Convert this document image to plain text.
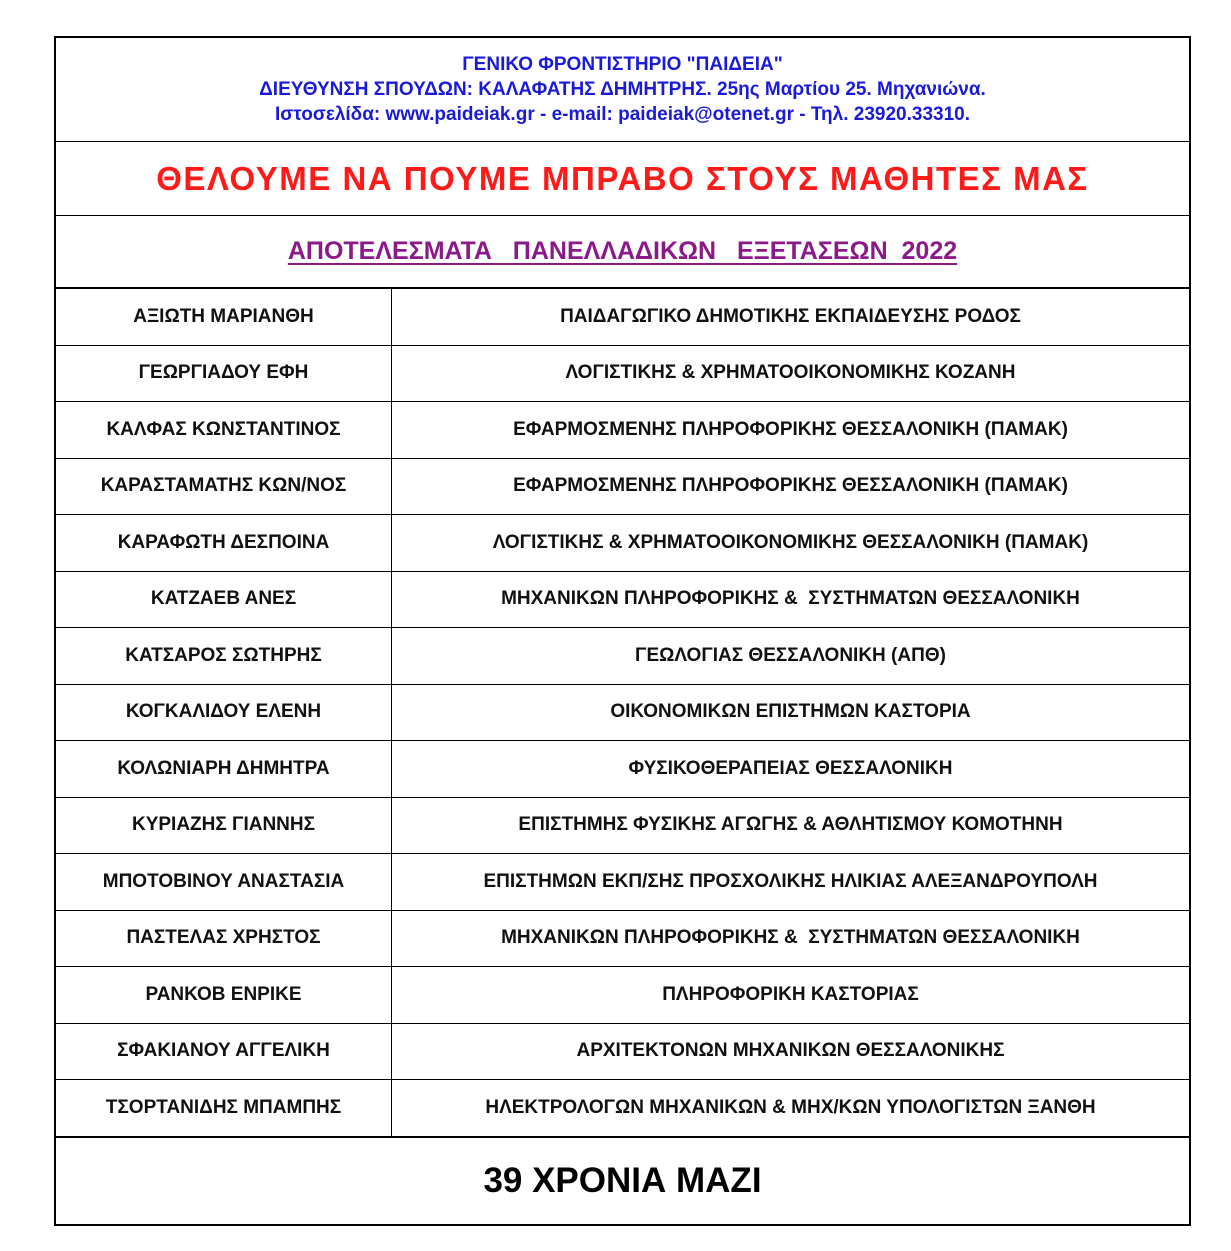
ΓΕΝΙΚΟ ΦΡΟΝΤΙΣΤΗΡΙΟ "ΠΑΙΔΕΙΑ"
ΔΙΕΥΘΥΝΣΗ ΣΠΟΥΔΩΝ: ΚΑΛΑΦΑΤΗΣ ΔΗΜΗΤΡΗΣ. 25ης Μαρτίου 25. Μηχανιώνα.
Ιστοσελίδα: www.paideiak.gr - e-mail: paideiak@otenet.gr - Τηλ. 23920.33310.
ΘΕΛΟΥΜΕ ΝΑ ΠΟΥΜΕ ΜΠΡΑΒΟ ΣΤΟΥΣ ΜΑΘΗΤΕΣ ΜΑΣ
ΑΠΟΤΕΛΕΣΜΑΤΑ   ΠΑΝΕΛΛΑΔΙΚΩΝ   ΕΞΕΤΑΣΕΩΝ  2022
ΑΞΙΩΤΗ ΜΑΡΙΑΝΘΗ	ΠΑΙΔΑΓΩΓΙΚΟ ΔΗΜΟΤΙΚΗΣ ΕΚΠΑΙΔΕΥΣΗΣ ΡΟΔΟΣ
ΓΕΩΡΓΙΑΔΟΥ ΕΦΗ	ΛΟΓΙΣΤΙΚΗΣ & ΧΡΗΜΑΤΟΟΙΚΟΝΟΜΙΚΗΣ ΚΟΖΑΝΗ
ΚΑΛΦΑΣ ΚΩΝΣΤΑΝΤΙΝΟΣ	ΕΦΑΡΜΟΣΜΕΝΗΣ ΠΛΗΡΟΦΟΡΙΚΗΣ ΘΕΣΣΑΛΟΝΙΚΗ (ΠΑΜΑΚ)
ΚΑΡΑΣΤΑΜΑΤΗΣ ΚΩΝ/ΝΟΣ	ΕΦΑΡΜΟΣΜΕΝΗΣ ΠΛΗΡΟΦΟΡΙΚΗΣ ΘΕΣΣΑΛΟΝΙΚΗ (ΠΑΜΑΚ)
ΚΑΡΑΦΩΤΗ ΔΕΣΠΟΙΝΑ	ΛΟΓΙΣΤΙΚΗΣ & ΧΡΗΜΑΤΟΟΙΚΟΝΟΜΙΚΗΣ ΘΕΣΣΑΛΟΝΙΚΗ (ΠΑΜΑΚ)
ΚΑΤΖΑΕΒ ΑΝΕΣ	ΜΗΧΑΝΙΚΩΝ ΠΛΗΡΟΦΟΡΙΚΗΣ &  ΣΥΣΤΗΜΑΤΩΝ ΘΕΣΣΑΛΟΝΙΚΗ
ΚΑΤΣΑΡΟΣ ΣΩΤΗΡΗΣ	ΓΕΩΛΟΓΙΑΣ ΘΕΣΣΑΛΟΝΙΚΗ (ΑΠΘ)
ΚΟΓΚΑΛΙΔΟΥ ΕΛΕΝΗ	ΟΙΚΟΝΟΜΙΚΩΝ ΕΠΙΣΤΗΜΩΝ ΚΑΣΤΟΡΙΑ
ΚΟΛΩΝΙΑΡΗ ΔΗΜΗΤΡΑ	ΦΥΣΙΚΟΘΕΡΑΠΕΙΑΣ ΘΕΣΣΑΛΟΝΙΚΗ
ΚΥΡΙΑΖΗΣ ΓΙΑΝΝΗΣ	ΕΠΙΣΤΗΜΗΣ ΦΥΣΙΚΗΣ ΑΓΩΓΗΣ & ΑΘΛΗΤΙΣΜΟΥ ΚΟΜΟΤΗΝΗ
ΜΠΟΤΟΒΙΝΟΥ ΑΝΑΣΤΑΣΙΑ	ΕΠΙΣΤΗΜΩΝ ΕΚΠ/ΣΗΣ ΠΡΟΣΧΟΛΙΚΗΣ ΗΛΙΚΙΑΣ ΑΛΕΞΑΝΔΡΟΥΠΟΛΗ
ΠΑΣΤΕΛΑΣ ΧΡΗΣΤΟΣ	ΜΗΧΑΝΙΚΩΝ ΠΛΗΡΟΦΟΡΙΚΗΣ &  ΣΥΣΤΗΜΑΤΩΝ ΘΕΣΣΑΛΟΝΙΚΗ
ΡΑΝΚΟΒ ΕΝΡΙΚΕ	ΠΛΗΡΟΦΟΡΙΚΗ ΚΑΣΤΟΡΙΑΣ
ΣΦΑΚΙΑΝΟΥ ΑΓΓΕΛΙΚΗ	ΑΡΧΙΤΕΚΤΟΝΩΝ ΜΗΧΑΝΙΚΩΝ ΘΕΣΣΑΛΟΝΙΚΗΣ
ΤΣΟΡΤΑΝΙΔΗΣ ΜΠΑΜΠΗΣ	ΗΛΕΚΤΡΟΛΟΓΩΝ ΜΗΧΑΝΙΚΩΝ & ΜΗΧ/ΚΩΝ ΥΠΟΛΟΓΙΣΤΩΝ ΞΑΝΘΗ
39 ΧΡΟΝΙΑ ΜΑΖΙ
